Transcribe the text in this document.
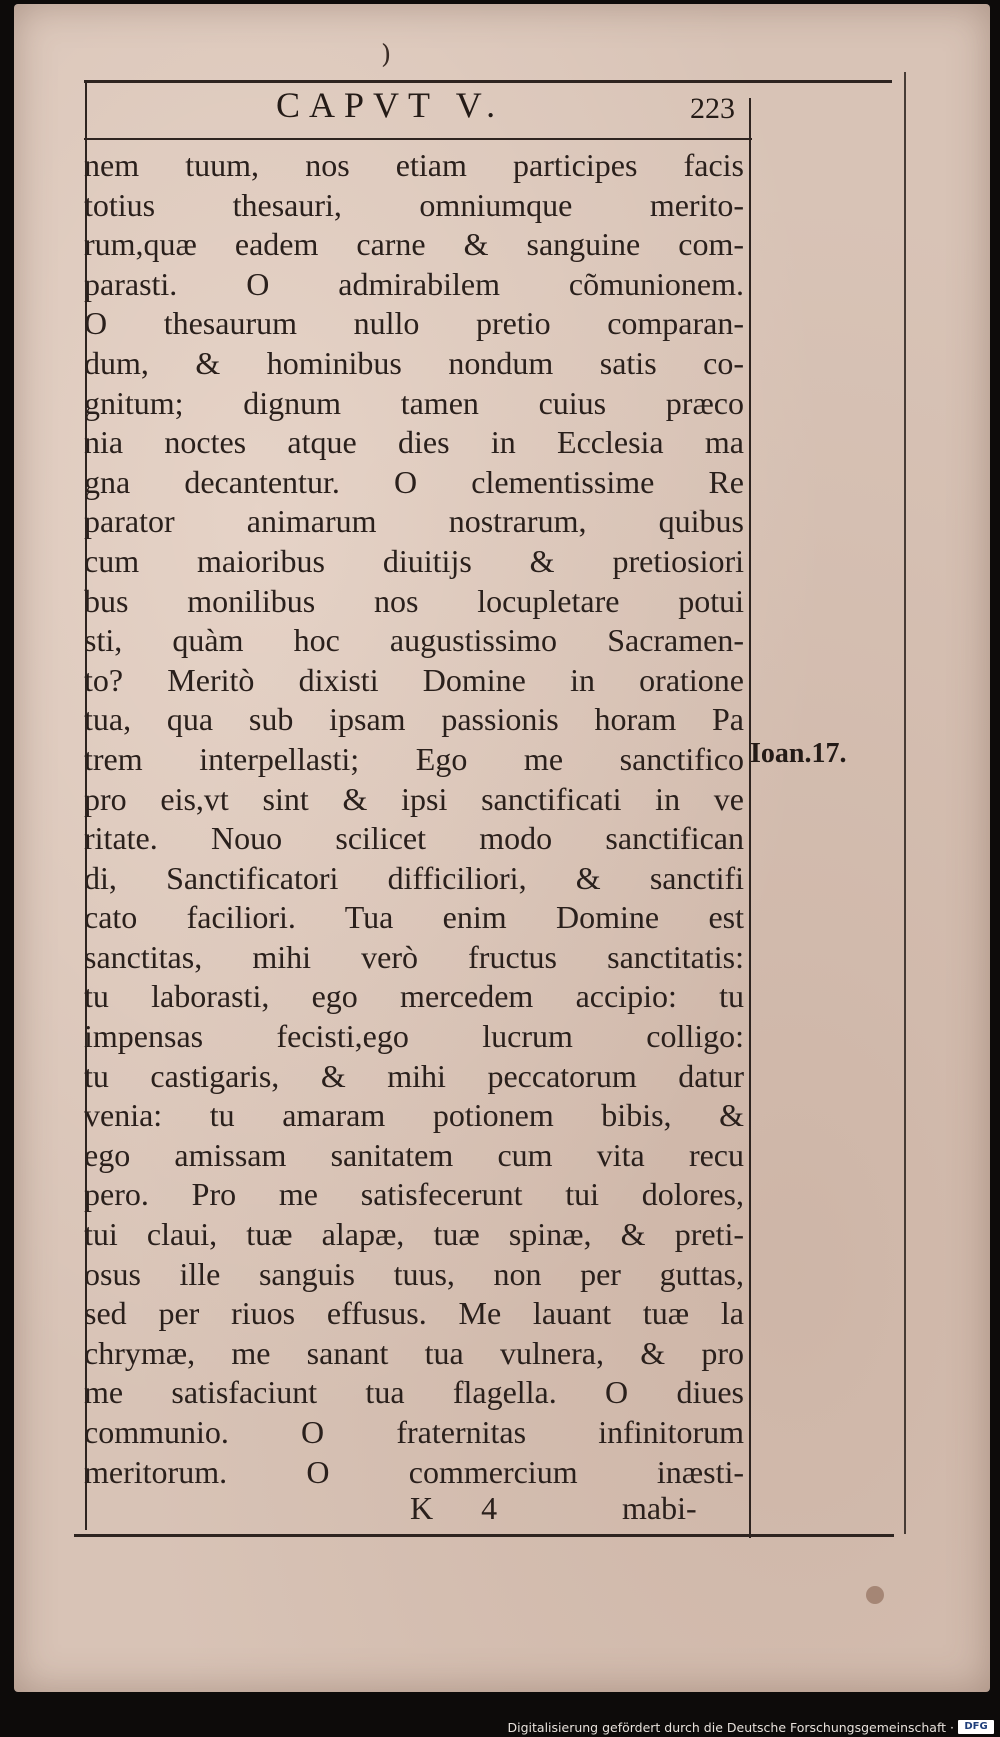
)
CAPVT V.	223
nem tuum, nos etiam participes facis
totius thesauri, omniumque merito-
rum,quæ eadem carne & sanguine com-
parasti. O admirabilem cõmunionem.
O thesaurum nullo pretio comparan-
dum, & hominibus nondum satis co-
gnitum; dignum tamen cuius præco
nia noctes atque dies in Ecclesia ma
gna decantentur. O clementissime Re
parator animarum nostrarum, quibus
cum maioribus diuitijs & pretiosiori
bus monilibus nos locupletare potui
sti, quàm hoc augustissimo Sacramen-
to? Meritò dixisti Domine in oratione
tua, qua sub ipsam passionis horam Pa
trem interpellasti; Ego me sanctifico
pro eis,vt sint & ipsi sanctificati in ve
ritate. Nouo scilicet modo sanctifican
di, Sanctificatori difficiliori, & sanctifi
cato faciliori. Tua enim Domine est
sanctitas, mihi verò fructus sanctitatis:
tu laborasti, ego mercedem accipio: tu
impensas fecisti,ego lucrum colligo:
tu castigaris, & mihi peccatorum datur
venia: tu amaram potionem bibis, &
ego amissam sanitatem cum vita recu
pero. Pro me satisfecerunt tui dolores,
tui claui, tuæ alapæ, tuæ spinæ, & preti-
osus ille sanguis tuus, non per guttas,
sed per riuos effusus. Me lauant tuæ la
chrymæ, me sanant tua vulnera, & pro
me satisfaciunt tua flagella. O diues
communio. O fraternitas infinitorum
meritorum. O commercium inæsti-
Ioan.17.
K 4	mabi-
Digitalisierung gefördert durch die Deutsche Forschungsgemeinschaft ·	DFG
